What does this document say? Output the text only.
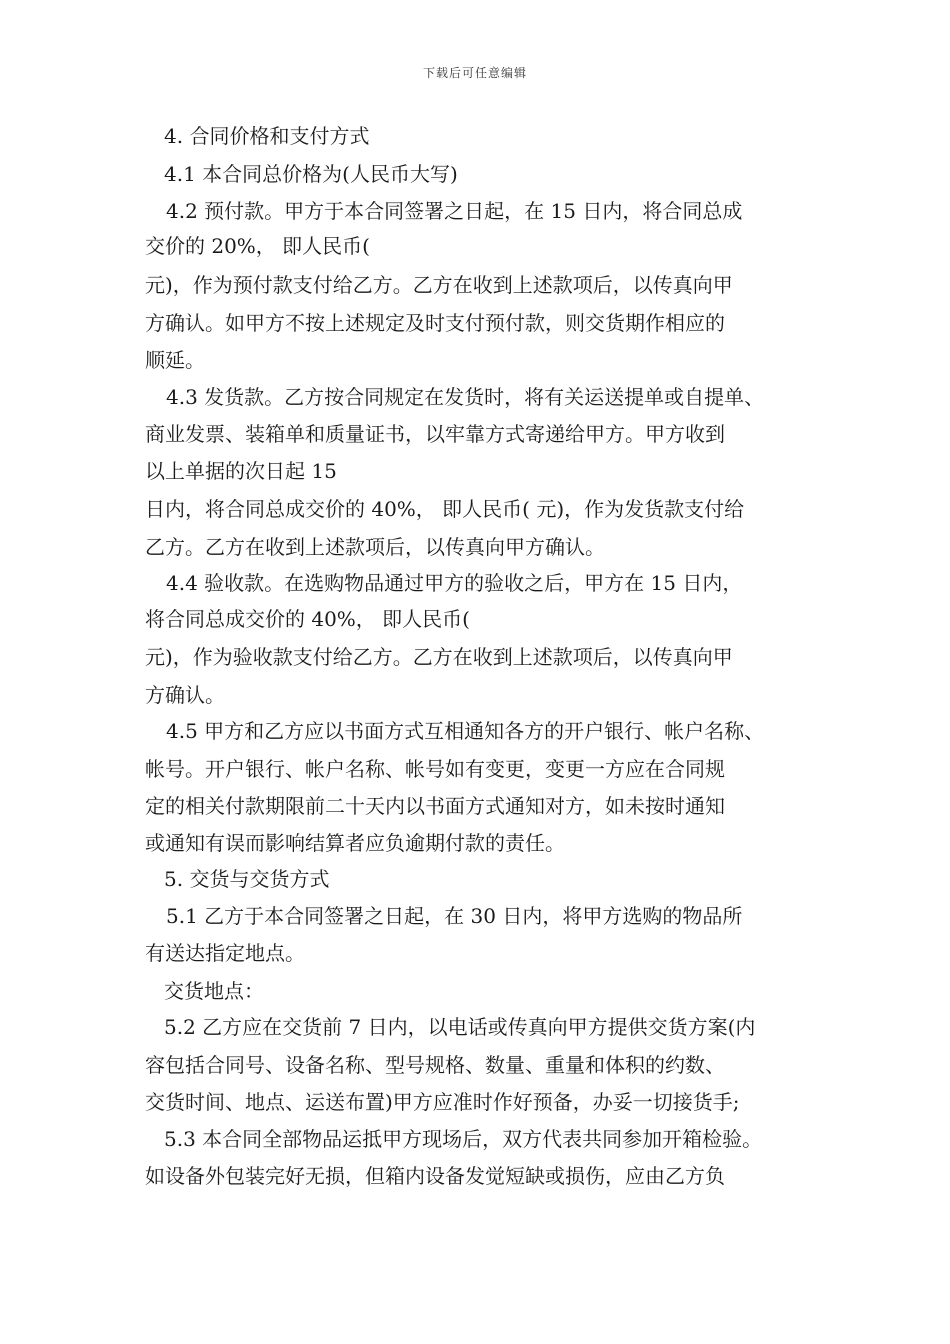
下载后可任意编辑
4. 合同价格和支付方式
4.1 本合同总价格为(人民币大写)
4.2 预付款。甲方于本合同签署之日起，在 15 日内，将合同总成
交价的 20%， 即人民币(
元)，作为预付款支付给乙方。乙方在收到上述款项后，以传真向甲
方确认。如甲方不按上述规定及时支付预付款，则交货期作相应的
顺延。
4.3 发货款。乙方按合同规定在发货时，将有关运送提单或自提单、
商业发票、装箱单和质量证书，以牢靠方式寄递给甲方。甲方收到
以上单据的次日起 15
日内，将合同总成交价的 40%， 即人民币( 元)，作为发货款支付给
乙方。乙方在收到上述款项后，以传真向甲方确认。
4.4 验收款。在选购物品通过甲方的验收之后，甲方在 15 日内，
将合同总成交价的 40%， 即人民币(
元)，作为验收款支付给乙方。乙方在收到上述款项后，以传真向甲
方确认。
4.5 甲方和乙方应以书面方式互相通知各方的开户银行、帐户名称、
帐号。开户银行、帐户名称、帐号如有变更，变更一方应在合同规
定的相关付款期限前二十天内以书面方式通知对方，如未按时通知
或通知有误而影响结算者应负逾期付款的责任。
5. 交货与交货方式
5.1 乙方于本合同签署之日起，在 30 日内，将甲方选购的物品所
有送达指定地点。
交货地点：
5.2 乙方应在交货前 7 日内，以电话或传真向甲方提供交货方案(内
容包括合同号、设备名称、型号规格、数量、重量和体积的约数、
交货时间、地点、运送布置)甲方应准时作好预备，办妥一切接货手;
5.3 本合同全部物品运抵甲方现场后，双方代表共同参加开箱检验。
如设备外包装完好无损，但箱内设备发觉短缺或损伤，应由乙方负
